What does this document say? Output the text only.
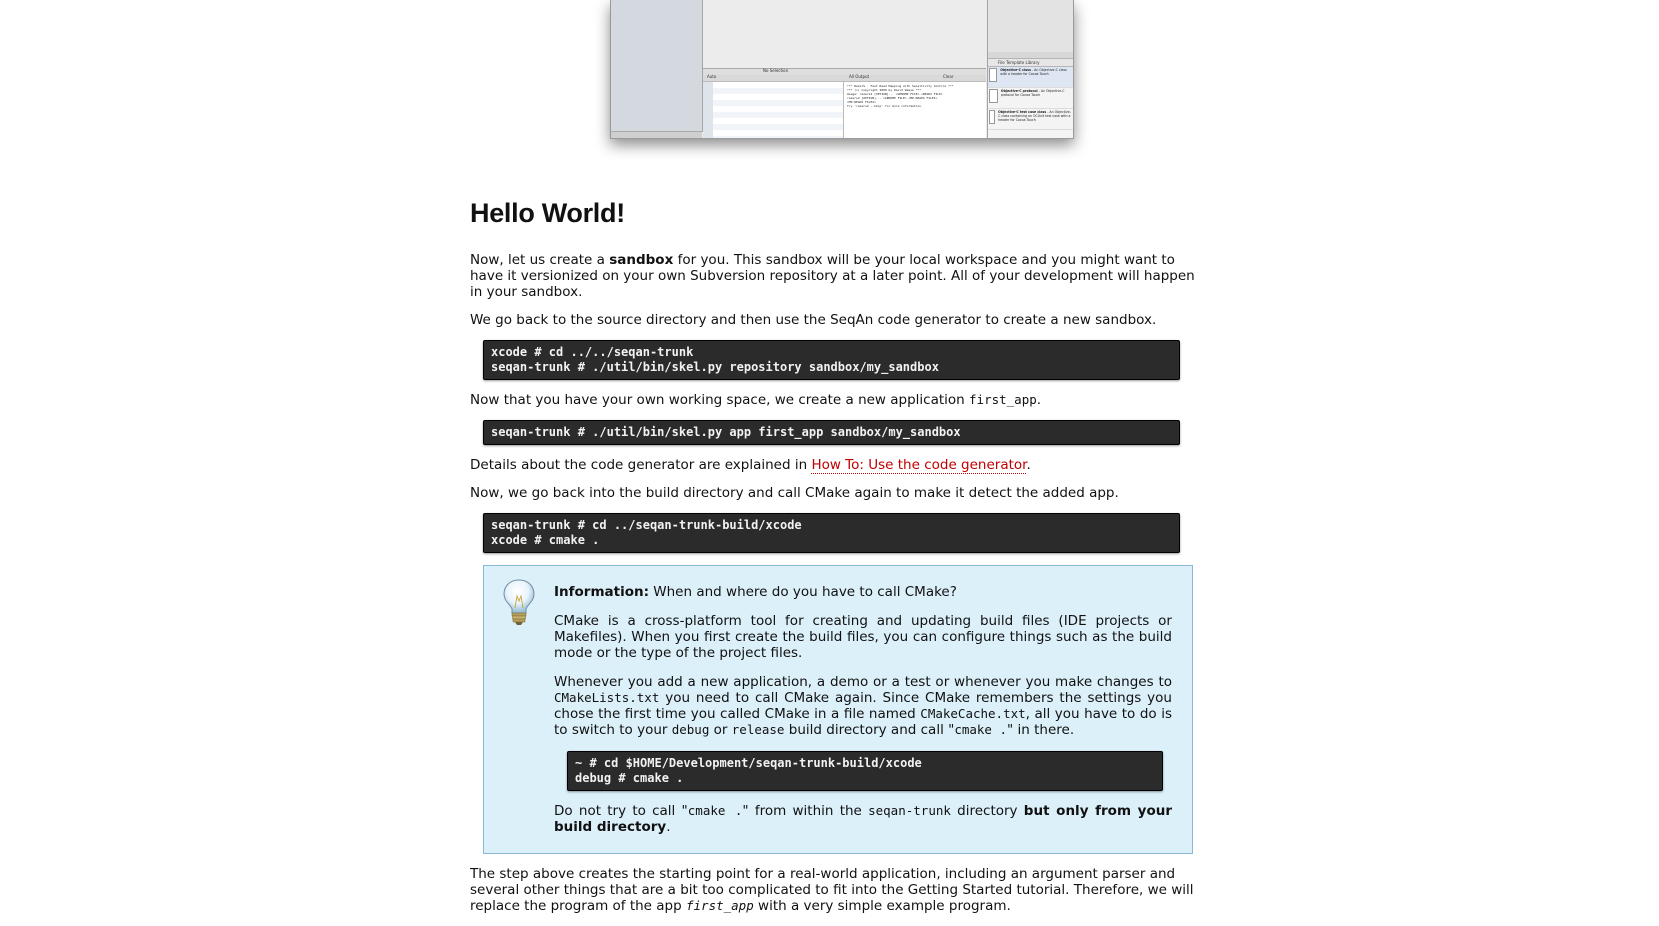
No Selection
Auto	All Output	Clear
*** RazerS - Fast Read Mapping with Sensitivity Control ***
*** (c) Copyright 2009 by David Weese ***
Usage: razers2 [OPTION]... <GENOME FILE> <READS FILE>
razers2 [OPTION]... <GENOME FILE> <MP-READS FILE1>
<MP-READS FILE2>
Try 'razers2 --help' for more information.
File Template Library
Objective-C class - An Objective-C class with a header for Cocoa Touch
Objective-C protocol - An Objective-C protocol for Cocoa Touch
Objective-C test case class - An Objective-C class containing an OCUnit test case with a header for Cocoa Touch
Hello World!

Now, let us create a sandbox for you. This sandbox will be your local workspace and you might want to have it versionized on your own Subversion repository at a later point. All of your development will happen in your sandbox.

We go back to the source directory and then use the SeqAn code generator to create a new sandbox.

xcode # cd ../../seqan-trunk
seqan-trunk # ./util/bin/skel.py repository sandbox/my_sandbox

Now that you have your own working space, we create a new application first_app.

seqan-trunk # ./util/bin/skel.py app first_app sandbox/my_sandbox

Details about the code generator are explained in How To: Use the code generator.

Now, we go back into the build directory and call CMake again to make it detect the added app.

seqan-trunk # cd ../seqan-trunk-build/xcode
xcode # cmake .

Information: When and where do you have to call CMake?

CMake is a cross-platform tool for creating and updating build files (IDE projects or Makefiles). When you first create the build files, you can configure things such as the build mode or the type of the project files.

Whenever you add a new application, a demo or a test or whenever you make changes to CMakeLists.txt you need to call CMake again. Since CMake remembers the settings you chose the first time you called CMake in a file named CMakeCache.txt, all you have to do is to switch to your debug or release build directory and call "cmake ." in there.

~ # cd $HOME/Development/seqan-trunk-build/xcode
debug # cmake .

Do not try to call "cmake ." from within the seqan-trunk directory but only from your build directory.

The step above creates the starting point for a real-world application, including an argument parser and several other things that are a bit too complicated to fit into the Getting Started tutorial. Therefore, we will replace the program of the app first_app with a very simple example program.
